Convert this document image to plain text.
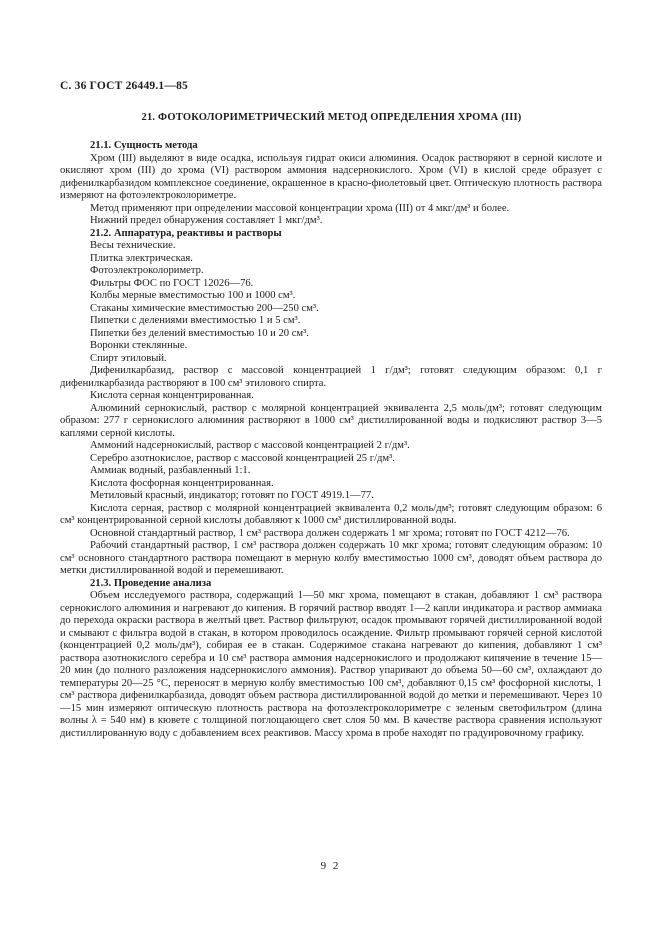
С. 36 ГОСТ 26449.1—85
21. ФОТОКОЛОРИМЕТРИЧЕСКИЙ МЕТОД ОПРЕДЕЛЕНИЯ ХРОМА (III)

21.1. Сущность метода

Хром (III) выделяют в виде осадка, используя гидрат окиси алюминия. Осадок растворяют в серной кислоте и окисляют хром (III) до хрома (VI) раствором аммония надсернокислого. Хром (VI) в кислой среде образует с дифенилкарбазидом комплексное соединение, окрашенное в красно-фиолетовый цвет. Оптическую плотность раствора измеряют на фотоэлектроколориметре.

Метод применяют при определении массовой концентрации хрома (III) от 4 мкг/дм³ и более.

Нижний предел обнаружения составляет 1 мкг/дм³.

21.2. Аппаратура, реактивы и растворы

Весы технические.

Плитка электрическая.

Фотоэлектроколориметр.

Фильтры ФОС по ГОСТ 12026—76.

Колбы мерные вместимостью 100 и 1000 см³.

Стаканы химические вместимостью 200—250 см³.

Пипетки с делениями вместимостью 1 и 5 см³.

Пипетки без делений вместимостью 10 и 20 см³.

Воронки стеклянные.

Спирт этиловый.

Дифенилкарбазид, раствор с массовой концентрацией 1 г/дм³; готовят следующим образом: 0,1 г дифенилкарбазида растворяют в 100 см³ этилового спирта.

Кислота серная концентрированная.

Алюминий сернокислый, раствор с молярной концентрацией эквивалента 2,5 моль/дм³; готовят следующим образом: 277 г сернокислого алюминия растворяют в 1000 см³ дистиллированной воды и подкисляют раствор 3—5 каплями серной кислоты.

Аммоний надсернокислый, раствор с массовой концентрацией 2 г/дм³.

Серебро азотнокислое, раствор с массовой концентрацией 25 г/дм³.

Аммиак водный, разбавленный 1:1.

Кислота фосфорная концентрированная.

Метиловый красный, индикатор; готовят по ГОСТ 4919.1—77.

Кислота серная, раствор с молярной концентрацией эквивалента 0,2 моль/дм³; готовят следующим образом: 6 см³ концентрированной серной кислоты добавляют к 1000 см³ дистиллированной воды.

Основной стандартный раствор, 1 см³ раствора должен содержать 1 мг хрома; готовят по ГОСТ 4212—76.

Рабочий стандартный раствор, 1 см³ раствора должен содержать 10 мкг хрома; готовят следующим образом: 10 см³ основного стандартного раствора помещают в мерную колбу вместимостью 1000 см³, доводят объем раствора до метки дистиллированной водой и перемешивают.

21.3. Проведение анализа

Объем исследуемого раствора, содержащий 1—50 мкг хрома, помещают в стакан, добавляют 1 см³ раствора сернокислого алюминия и нагревают до кипения. В горячий раствор вводят 1—2 капли индикатора и раствор аммиака до перехода окраски раствора в желтый цвет. Раствор фильтруют, осадок промывают горячей дистиллированной водой и смывают с фильтра водой в стакан, в котором проводилось осаждение. Фильтр промывают горячей серной кислотой (концентрацией 0,2 моль/дм³), собирая ее в стакан. Содержимое стакана нагревают до кипения, добавляют 1 см³ раствора азотнокислого серебра и 10 см³ раствора аммония надсернокислого и продолжают кипячение в течение 15— 20 мин (до полного разложения надсернокислого аммония). Раствор упаривают до объема 50—60 см³, охлаждают до температуры 20—25 °С, переносят в мерную колбу вместимостью 100 см³, добавляют 0,15 см³ фосфорной кислоты, 1 см³ раствора дифенилкарбазида, доводят объем раствора дистиллированной водой до метки и перемешивают. Через 10—15 мин измеряют оптическую плотность раствора на фотоэлектроколориметре с зеленым светофильтром (длина волны λ = 540 нм) в кювете с толщиной поглощающего свет слоя 50 мм. В качестве раствора сравнения используют дистиллированную воду с добавлением всех реактивов. Массу хрома в пробе находят по градуировочному графику.

9 2
